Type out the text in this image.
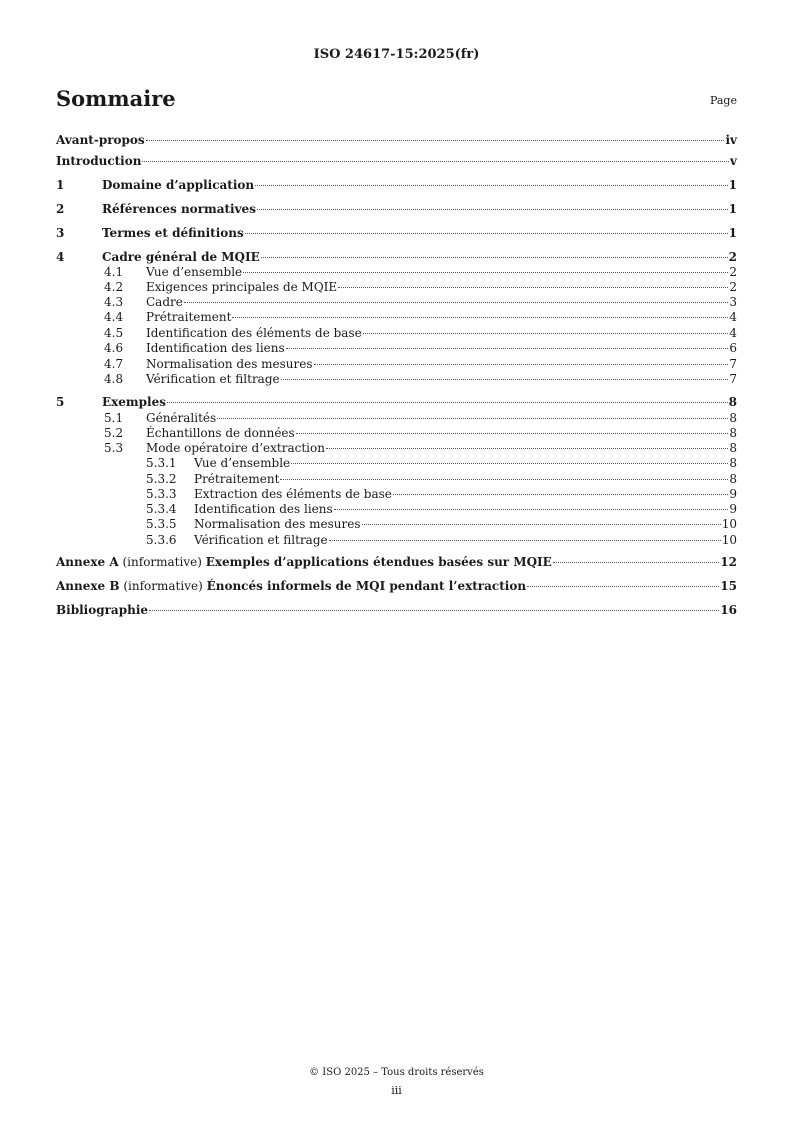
ISO 24617-15:2025(fr)
Sommaire	Page
Avant-propos	iv
Introduction	v
1	Domaine d’application	1
2	Références normatives	1
3	Termes et définitions	1
4	Cadre général de MQIE	2
4.1	Vue d’ensemble	2
4.2	Exigences principales de MQIE	2
4.3	Cadre	3
4.4	Prétraitement	4
4.5	Identification des éléments de base	4
4.6	Identification des liens	6
4.7	Normalisation des mesures	7
4.8	Vérification et filtrage	7
5	Exemples	8
5.1	Généralités	8
5.2	Échantillons de données	8
5.3	Mode opératoire d’extraction	8
5.3.1	Vue d’ensemble	8
5.3.2	Prétraitement	8
5.3.3	Extraction des éléments de base	9
5.3.4	Identification des liens	9
5.3.5	Normalisation des mesures	10
5.3.6	Vérification et filtrage	10
Annexe A (informative) Exemples d’applications étendues basées sur MQIE	12
Annexe B (informative) Énoncés informels de MQI pendant l’extraction	15
Bibliographie	16
© ISO 2025 – Tous droits réservés
iii
